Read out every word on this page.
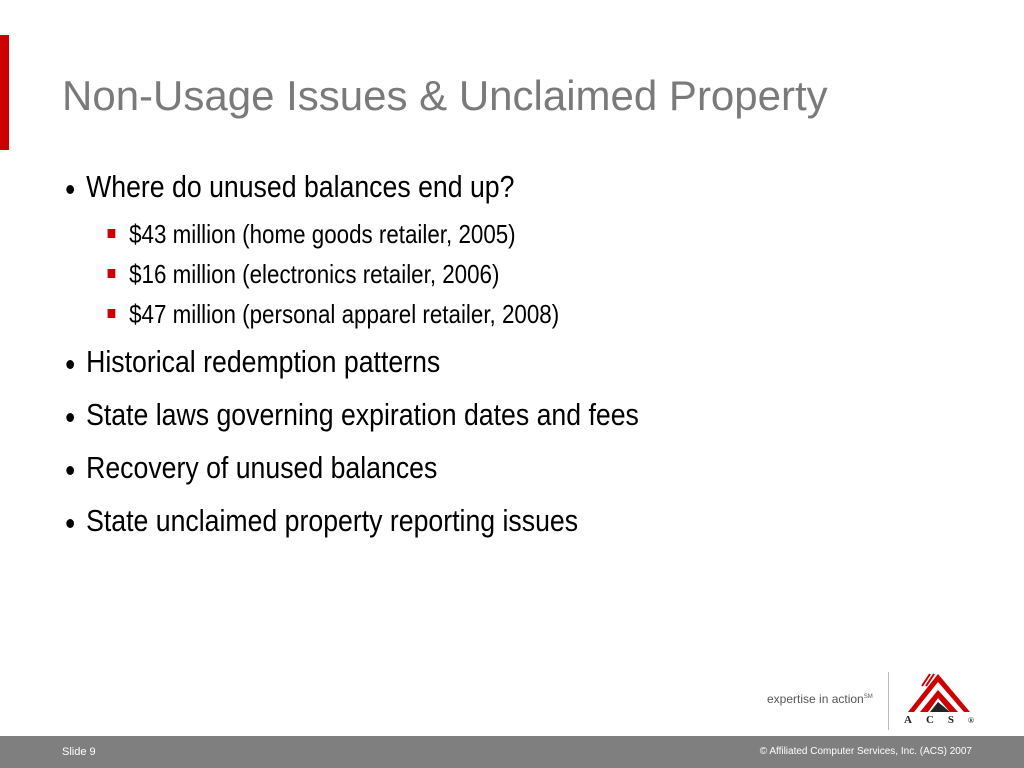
Non-Usage Issues & Unclaimed Property
Where do unused balances end up?
$43 million (home goods retailer, 2005)
$16 million (electronics retailer, 2006)
$47 million (personal apparel retailer, 2008)
Historical redemption patterns
State laws governing expiration dates and fees
Recovery of unused balances
State unclaimed property reporting issues
expertise in action℠
ACS®
Slide 9	© Affiliated Computer Services, Inc. (ACS) 2007
